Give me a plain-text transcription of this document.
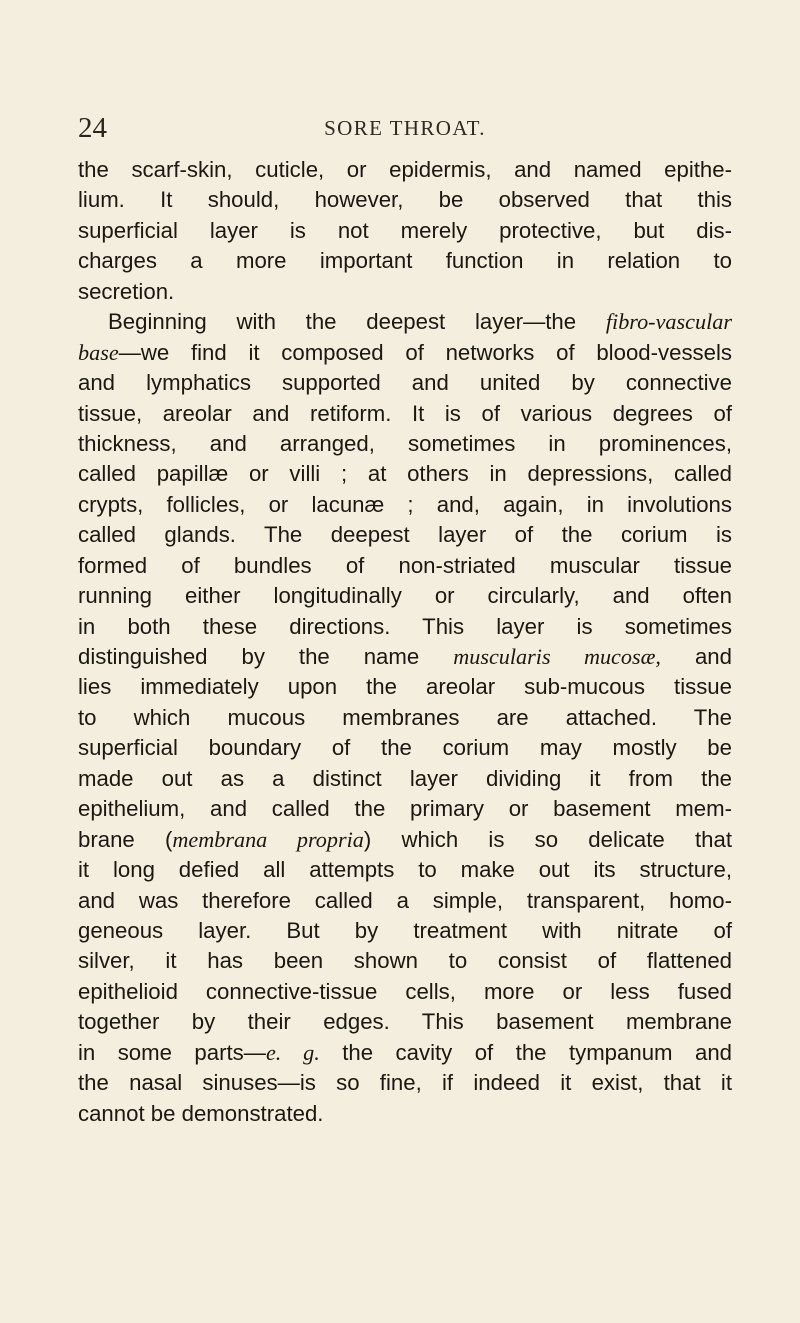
24	SORE THROAT.
the scarf-skin, cuticle, or epidermis, and named epithe-
lium. It should, however, be observed that this
superficial layer is not merely protective, but dis-
charges a more important function in relation to
secretion.
Beginning with the deepest layer—the fibro-vascular
base—we find it composed of networks of blood-vessels
and lymphatics supported and united by connective
tissue, areolar and retiform. It is of various degrees of
thickness, and arranged, sometimes in prominences,
called papillæ or villi ; at others in depressions, called
crypts, follicles, or lacunæ ; and, again, in involutions
called glands. The deepest layer of the corium is
formed of bundles of non-striated muscular tissue
running either longitudinally or circularly, and often
in both these directions. This layer is sometimes
distinguished by the name muscularis mucosæ, and
lies immediately upon the areolar sub-mucous tissue
to which mucous membranes are attached. The
superficial boundary of the corium may mostly be
made out as a distinct layer dividing it from the
epithelium, and called the primary or basement mem-
brane (membrana propria) which is so delicate that
it long defied all attempts to make out its structure,
and was therefore called a simple, transparent, homo-
geneous layer. But by treatment with nitrate of
silver, it has been shown to consist of flattened
epithelioid connective-tissue cells, more or less fused
together by their edges. This basement membrane
in some parts—e. g. the cavity of the tympanum and
the nasal sinuses—is so fine, if indeed it exist, that it
cannot be demonstrated.
